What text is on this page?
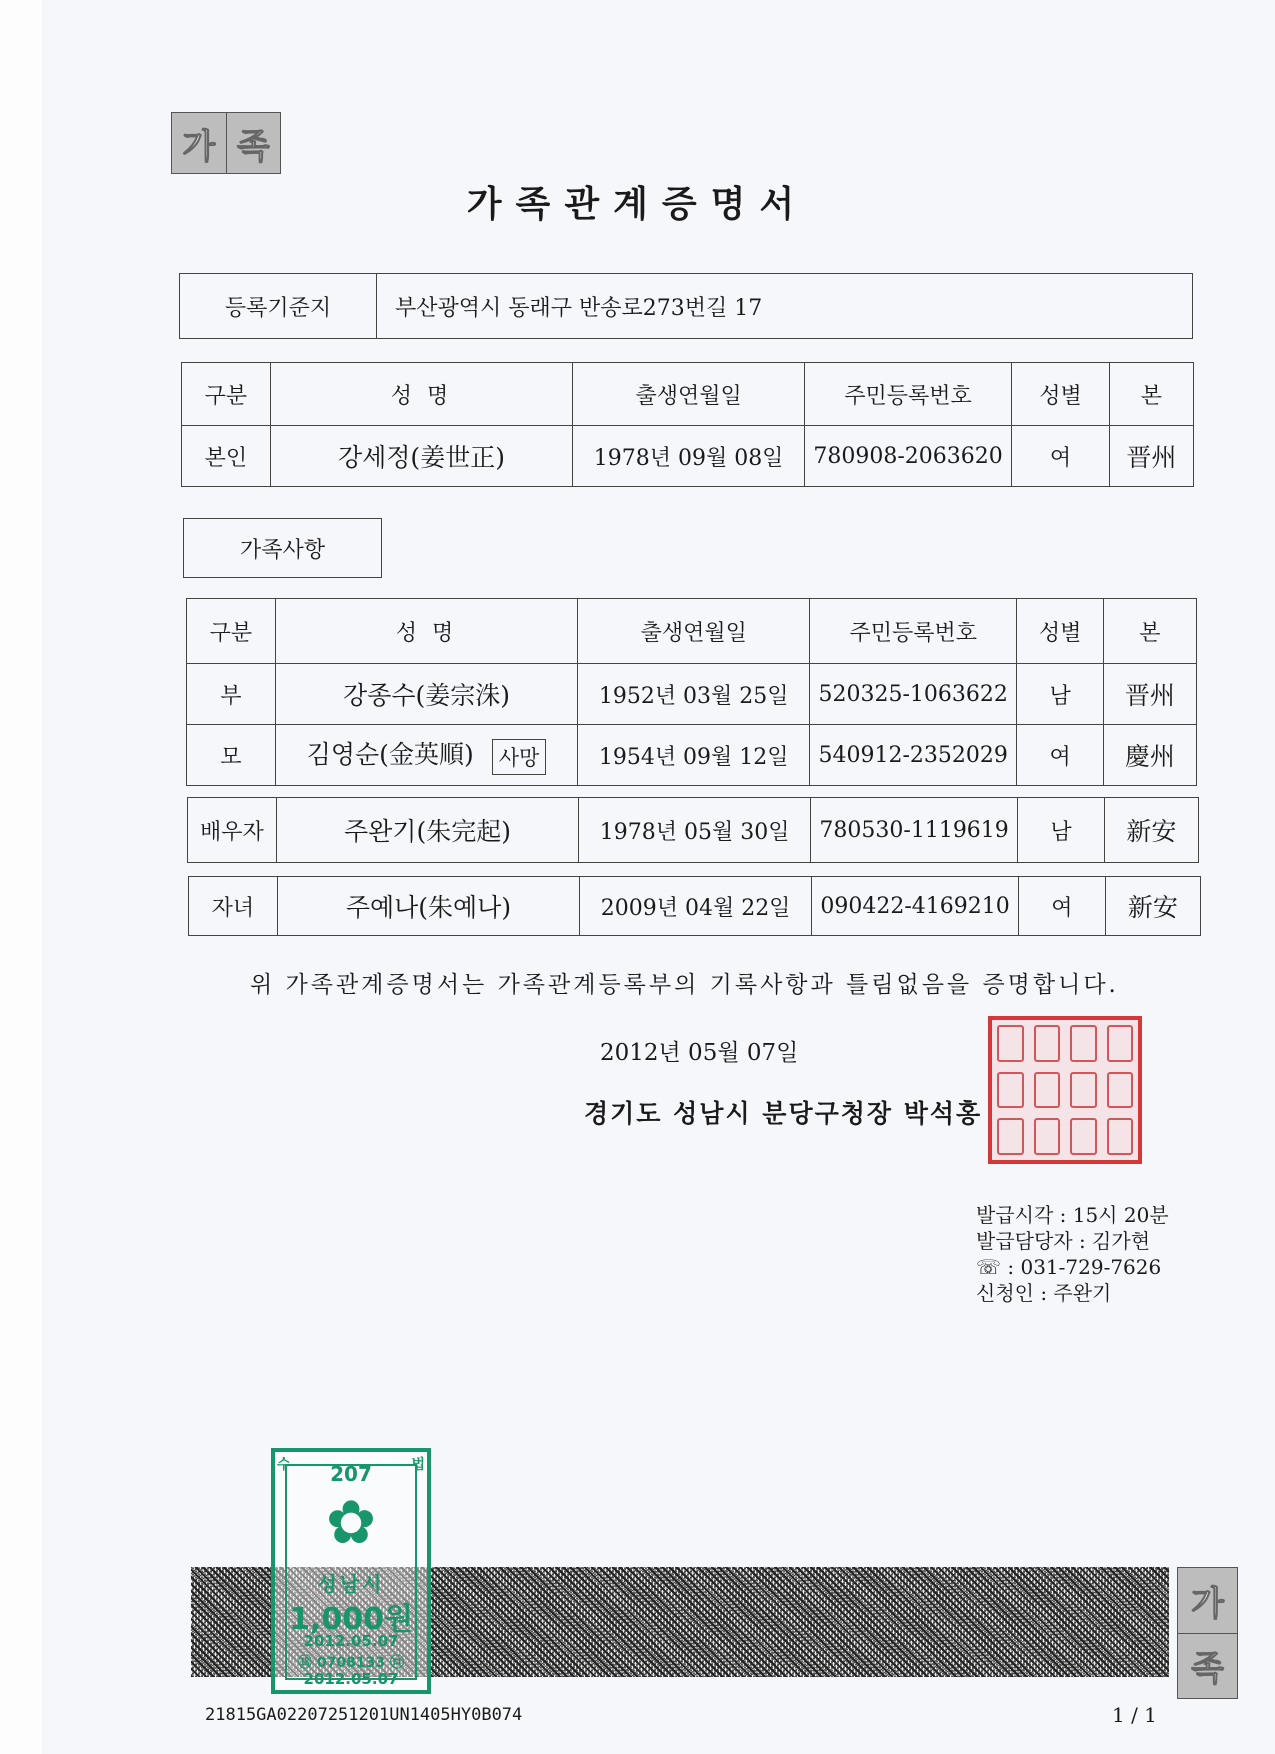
가 족
가족관계증명서
등록기준지	부산광역시 동래구 반송로273번길 17
구분	성 명	출생연월일	주민등록번호	성별	본
본인	강세정(姜世正)	1978년 09월 08일	780908-2063620	여	晋州
가족사항
구분	성 명	출생연월일	주민등록번호	성별	본
부	강종수(姜宗洙)	1952년 03월 25일	520325-1063622	남	晋州
모	김영순(金英順) 사망	1954년 09월 12일	540912-2352029	여	慶州
배우자	주완기(朱完起)	1978년 05월 30일	780530-1119619	남	新安
자녀	주예나(朱예나)	2009년 04월 22일	090422-4169210	여	新安
위 가족관계증명서는 가족관계등록부의 기록사항과 틀림없음을 증명합니다.
2012년 05월 07일
경기도 성남시 분당구청장 박석홍
발급시각 : 15시 20분
발급담당자 : 김가현
☏ : 031-729-7626
신청인 : 주완기
수	법
207
✿
성남시
1,000원
2012.05.07
⑱ 0708133 ㉤
2012.05.07
가
족
21815GA02207251201UN1405HY0B074	1 / 1
